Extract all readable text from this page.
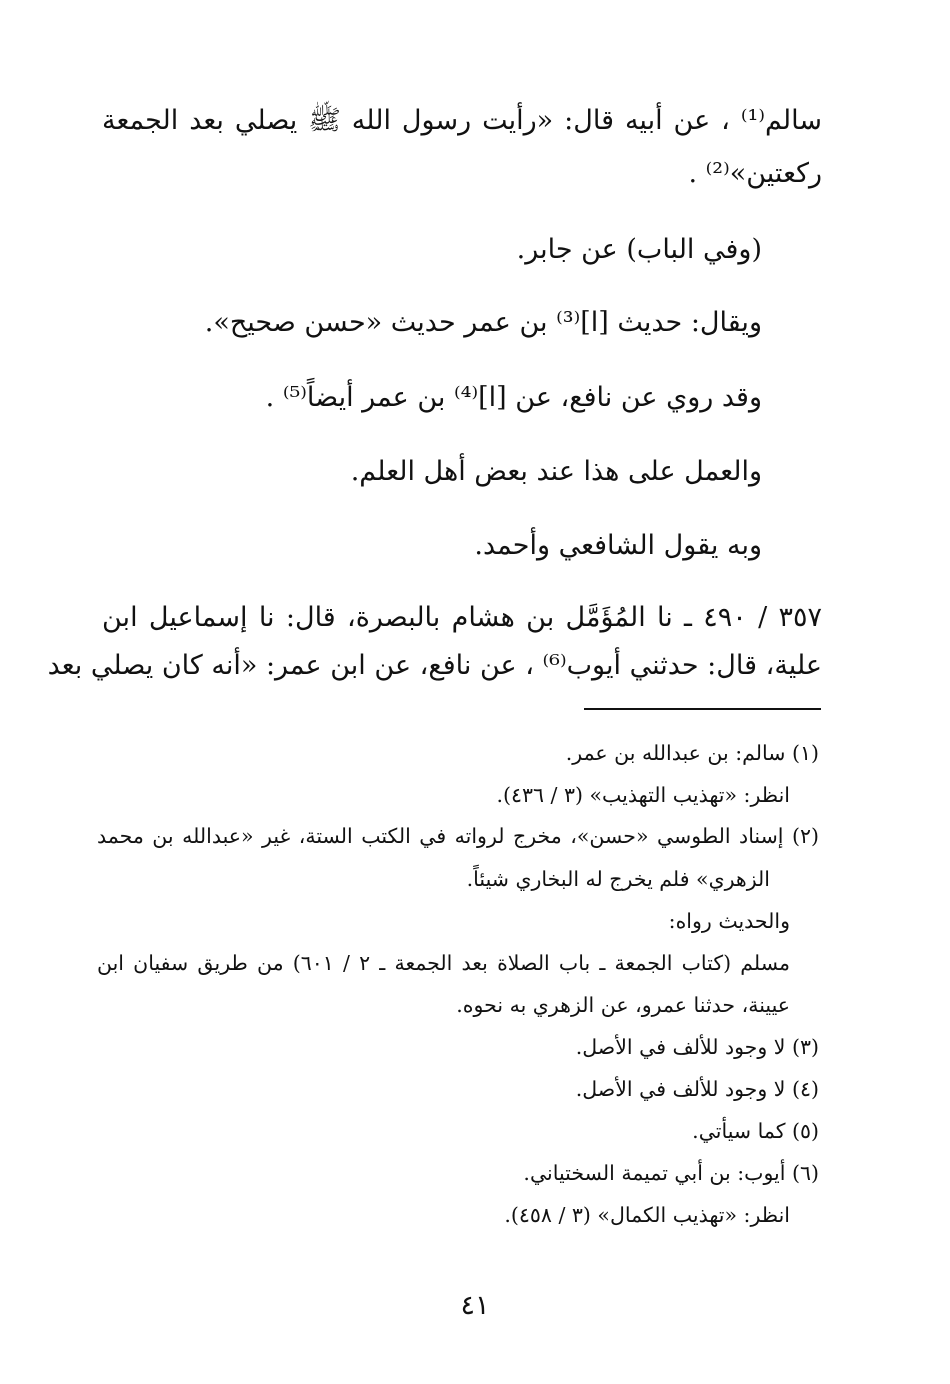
سالم⁽¹⁾ ، عن أبيه قال: «رأيت رسول الله ﷺ يصلي بعد الجمعة
ركعتين»⁽²⁾ .
(وفي الباب) عن جابر.
ويقال: حديث [ا]⁽³⁾ بن عمر حديث «حسن صحيح».
وقد روي عن نافع، عن [ا]⁽⁴⁾ بن عمر أيضاً⁽⁵⁾ .
والعمل على هذا عند بعض أهل العلم.
وبه يقول الشافعي وأحمد.
٣٥٧ / ٤٩٠ ـ نا المُؤَمَّل بن هشام بالبصرة، قال: نا إسماعيل ابن
علية، قال: حدثني أيوب⁽⁶⁾ ، عن نافع، عن ابن عمر: «أنه كان يصلي بعد
(١) سالم: بن عبدالله بن عمر.
انظر: «تهذيب التهذيب» (٣ / ٤٣٦).
(٢) إسناد الطوسي «حسن»، مخرج لرواته في الكتب الستة، غير «عبدالله بن محمد
الزهري» فلم يخرج له البخاري شيئاً.
والحديث رواه:
مسلم (كتاب الجمعة ـ باب الصلاة بعد الجمعة ـ ٢ / ٦٠١) من طريق سفيان ابن
عيينة، حدثنا عمرو، عن الزهري به نحوه.
(٣) لا وجود للألف في الأصل.
(٤) لا وجود للألف في الأصل.
(٥) كما سيأتي.
(٦) أيوب: بن أبي تميمة السختياني.
انظر: «تهذيب الكمال» (٣ / ٤٥٨).
٤١
